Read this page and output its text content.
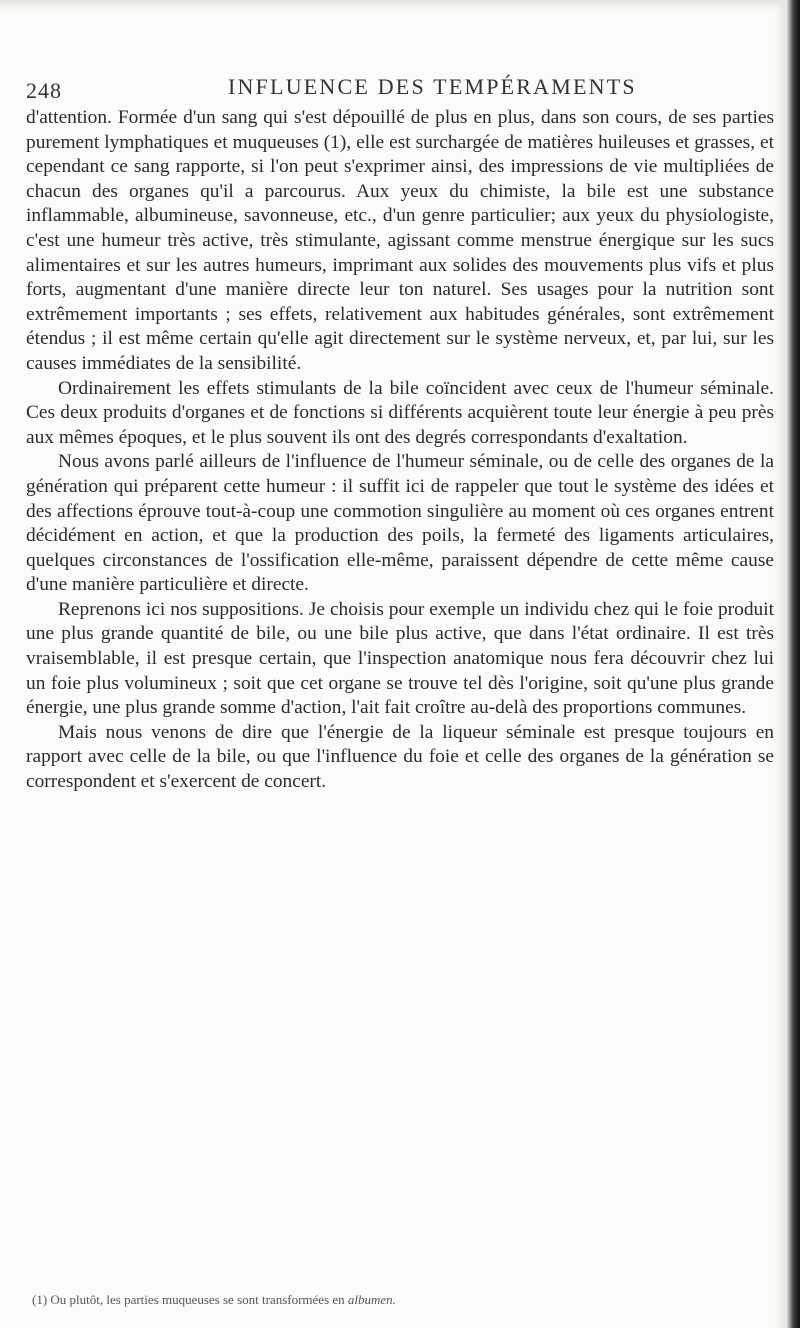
248	INFLUENCE DES TEMPÉRAMENTS

d'attention. Formée d'un sang qui s'est dépouillé de plus en plus, dans son cours, de ses parties purement lymphatiques et muqueuses (1), elle est surchargée de matières huileuses et grasses, et cependant ce sang rapporte, si l'on peut s'exprimer ainsi, des impressions de vie multipliées de chacun des organes qu'il a parcourus. Aux yeux du chimiste, la bile est une substance inflammable, albumineuse, savonneuse, etc., d'un genre particulier; aux yeux du physiologiste, c'est une humeur très active, très stimulante, agissant comme menstrue énergique sur les sucs alimentaires et sur les autres humeurs, imprimant aux solides des mouvements plus vifs et plus forts, augmentant d'une manière directe leur ton naturel. Ses usages pour la nutrition sont extrêmement importants ; ses effets, relativement aux habitudes générales, sont extrêmement étendus ; il est même certain qu'elle agit directement sur le système nerveux, et, par lui, sur les causes immédiates de la sensibilité.

Ordinairement les effets stimulants de la bile coïncident avec ceux de l'humeur séminale. Ces deux produits d'organes et de fonctions si différents acquièrent toute leur énergie à peu près aux mêmes époques, et le plus souvent ils ont des degrés correspondants d'exaltation.

Nous avons parlé ailleurs de l'influence de l'humeur séminale, ou de celle des organes de la génération qui préparent cette humeur : il suffit ici de rappeler que tout le système des idées et des affections éprouve tout-à-coup une commotion singulière au moment où ces organes entrent décidément en action, et que la production des poils, la fermeté des ligaments articulaires, quelques circonstances de l'ossification elle-même, paraissent dépendre de cette même cause d'une manière particulière et directe.

Reprenons ici nos suppositions. Je choisis pour exemple un individu chez qui le foie produit une plus grande quantité de bile, ou une bile plus active, que dans l'état ordinaire. Il est très vraisemblable, il est presque certain, que l'inspection anatomique nous fera découvrir chez lui un foie plus volumineux ; soit que cet organe se trouve tel dès l'origine, soit qu'une plus grande énergie, une plus grande somme d'action, l'ait fait croître au-delà des proportions communes.

Mais nous venons de dire que l'énergie de la liqueur séminale est presque toujours en rapport avec celle de la bile, ou que l'influence du foie et celle des organes de la génération se correspondent et s'exercent de concert.

(1) Ou plutôt, les parties muqueuses se sont transformées en albumen.
